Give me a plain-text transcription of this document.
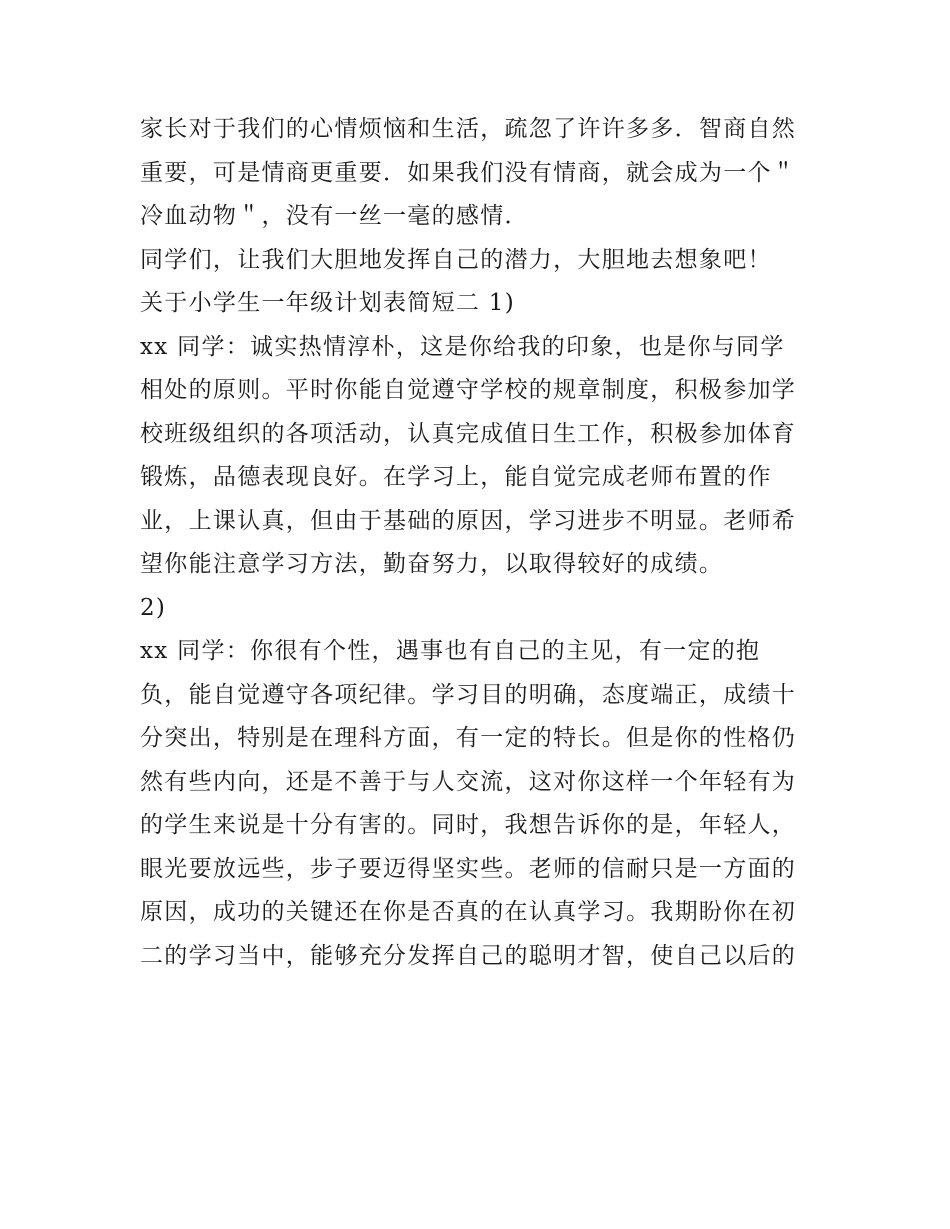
家长对于我们的心情烦恼和生活，疏忽了许许多多．智商自然
重要，可是情商更重要．如果我们没有情商，就会成为一个＂
冷血动物＂，没有一丝一毫的感情．
同学们，让我们大胆地发挥自己的潜力，大胆地去想象吧！
关于小学生一年级计划表简短二 1)
xx 同学：诚实热情淳朴，这是你给我的印象，也是你与同学
相处的原则。平时你能自觉遵守学校的规章制度，积极参加学
校班级组织的各项活动，认真完成值日生工作，积极参加体育
锻炼，品德表现良好。在学习上，能自觉完成老师布置的作
业，上课认真，但由于基础的原因，学习进步不明显。老师希
望你能注意学习方法，勤奋努力，以取得较好的成绩。
2)
xx 同学：你很有个性，遇事也有自己的主见，有一定的抱
负，能自觉遵守各项纪律。学习目的明确，态度端正，成绩十
分突出，特别是在理科方面，有一定的特长。但是你的性格仍
然有些内向，还是不善于与人交流，这对你这样一个年轻有为
的学生来说是十分有害的。同时，我想告诉你的是，年轻人，
眼光要放远些，步子要迈得坚实些。老师的信耐只是一方面的
原因，成功的关键还在你是否真的在认真学习。我期盼你在初
二的学习当中，能够充分发挥自己的聪明才智，使自己以后的
